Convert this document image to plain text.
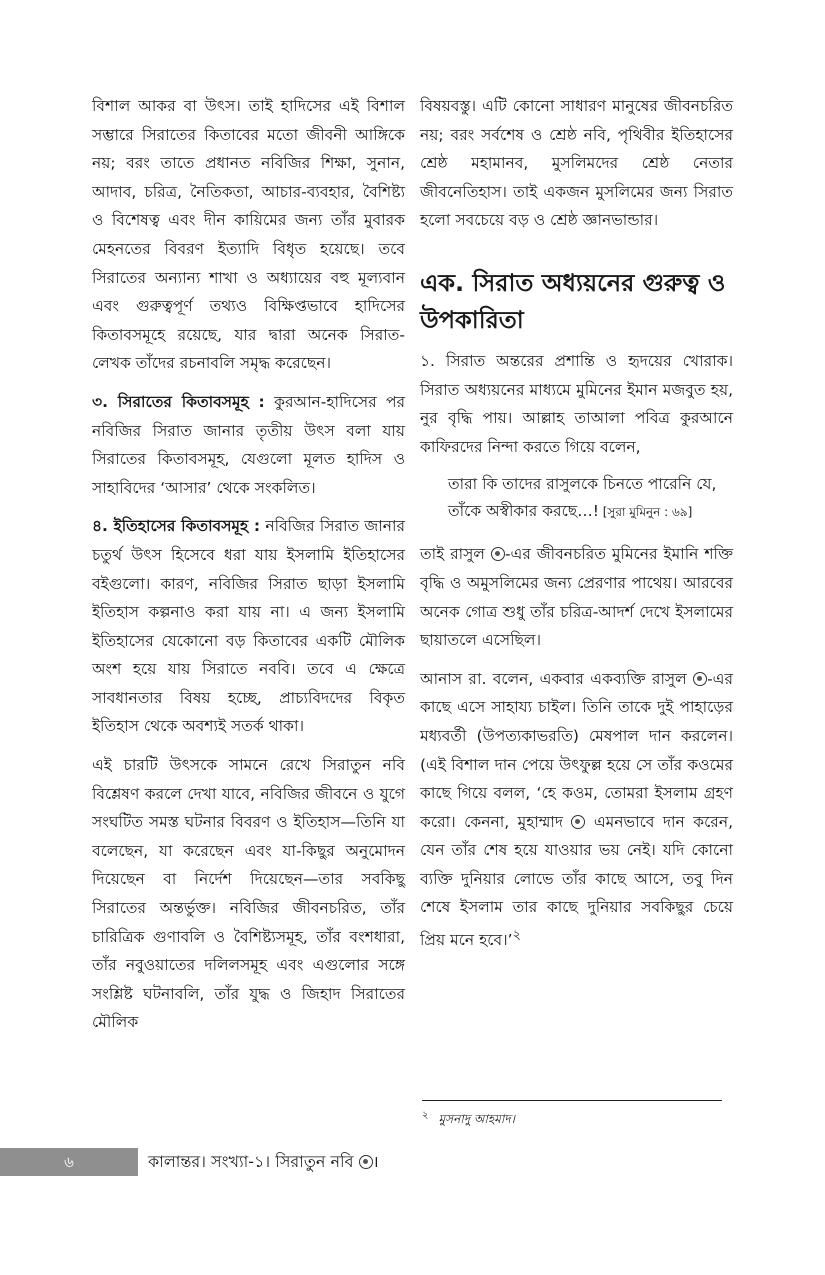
বিশাল আকর বা উৎস। তাই হাদিসের এই বিশাল সম্ভারে সিরাতের কিতাবের মতো জীবনী আঙ্গিকে নয়; বরং তাতে প্রধানত নবিজির শিক্ষা, সুনান, আদাব, চরিত্র, নৈতিকতা, আচার-ব্যবহার, বৈশিষ্ট্য ও বিশেষত্ব এবং দীন কায়িমের জন্য তাঁর মুবারক মেহনতের বিবরণ ইত্যাদি বিধৃত হয়েছে। তবে সিরাতের অন্যান্য শাখা ও অধ্যায়ের বহু মূল্যবান এবং গুরুত্বপূর্ণ তথ্যও বিক্ষিপ্তভাবে হাদিসের কিতাবসমূহে রয়েছে, যার দ্বারা অনেক সিরাত-লেখক তাঁদের রচনাবলি সমৃদ্ধ করেছেন।

৩. সিরাতের কিতাবসমূহ : কুরআন-হাদিসের পর নবিজির সিরাত জানার তৃতীয় উৎস বলা যায় সিরাতের কিতাবসমূহ, যেগুলো মূলত হাদিস ও সাহাবিদের ‘আসার’ থেকে সংকলিত।

৪. ইতিহাসের কিতাবসমূহ : নবিজির সিরাত জানার চতুর্থ উৎস হিসেবে ধরা যায় ইসলামি ইতিহাসের বইগুলো। কারণ, নবিজির সিরাত ছাড়া ইসলামি ইতিহাস কল্পনাও করা যায় না। এ জন্য ইসলামি ইতিহাসের যেকোনো বড় কিতাবের একটি মৌলিক অংশ হয়ে যায় সিরাতে নববি। তবে এ ক্ষেত্রে সাবধানতার বিষয় হচ্ছে, প্রাচ্যবিদদের বিকৃত ইতিহাস থেকে অবশ্যই সতর্ক থাকা।

এই চারটি উৎসকে সামনে রেখে সিরাতুন নবি বিশ্লেষণ করলে দেখা যাবে, নবিজির জীবনে ও যুগে সংঘটিত সমস্ত ঘটনার বিবরণ ও ইতিহাস—তিনি যা বলেছেন, যা করেছেন এবং যা-কিছুর অনুমোদন দিয়েছেন বা নির্দেশ দিয়েছেন—তার সবকিছু সিরাতের অন্তর্ভুক্ত। নবিজির জীবনচরিত, তাঁর চারিত্রিক গুণাবলি ও বৈশিষ্ট্যসমূহ, তাঁর বংশধারা, তাঁর নবুওয়াতের দলিলসমূহ এবং এগুলোর সঙ্গে সংশ্লিষ্ট ঘটনাবলি, তাঁর যুদ্ধ ও জিহাদ সিরাতের মৌলিক

বিষয়বস্তু। এটি কোনো সাধারণ মানুষের জীবনচরিত নয়; বরং সর্বশেষ ও শ্রেষ্ঠ নবি, পৃথিবীর ইতিহাসের শ্রেষ্ঠ মহামানব, মুসলিমদের শ্রেষ্ঠ নেতার জীবনেতিহাস। তাই একজন মুসলিমের জন্য সিরাত হলো সবচেয়ে বড় ও শ্রেষ্ঠ জ্ঞানভান্ডার।

এক. সিরাত অধ্যয়নের গুরুত্ব ও উপকারিতা

১. সিরাত অন্তরের প্রশান্তি ও হৃদয়ের খোরাক। সিরাত অধ্যয়নের মাধ্যমে মুমিনের ইমান মজবুত হয়, নুর বৃদ্ধি পায়। আল্লাহ তাআলা পবিত্র কুরআনে কাফিরদের নিন্দা করতে গিয়ে বলেন,

তারা কি তাদের রাসুলকে চিনতে পারেনি যে, তাঁকে অস্বীকার করছে…! [সুরা মুমিনুন : ৬৯]

তাই রাসুল -এর জীবনচরিত মুমিনের ইমানি শক্তি বৃদ্ধি ও অমুসলিমের জন্য প্রেরণার পাথেয়। আরবের অনেক গোত্র শুধু তাঁর চরিত্র-আদর্শ দেখে ইসলামের ছায়াতলে এসেছিল।

আনাস রা. বলেন, একবার একব্যক্তি রাসুল -এর কাছে এসে সাহায্য চাইল। তিনি তাকে দুই পাহাড়ের মধ্যবর্তী (উপত্যকাভরতি) মেষপাল দান করলেন। (এই বিশাল দান পেয়ে উৎফুল্ল হয়ে সে তাঁর কওমের কাছে গিয়ে বলল, ‘হে কওম, তোমরা ইসলাম গ্রহণ করো। কেননা, মুহাম্মাদ  এমনভাবে দান করেন, যেন তাঁর শেষ হয়ে যাওয়ার ভয় নেই। যদি কোনো ব্যক্তি দুনিয়ার লোভে তাঁর কাছে আসে, তবু দিন শেষে ইসলাম তার কাছে দুনিয়ার সবকিছুর চেয়ে প্রিয় মনে হবে।’$^২$

$^২$ মুসনাদু আহমাদ।
৬	কালান্তর। সংখ্যা-১। সিরাতুন নবি ।
